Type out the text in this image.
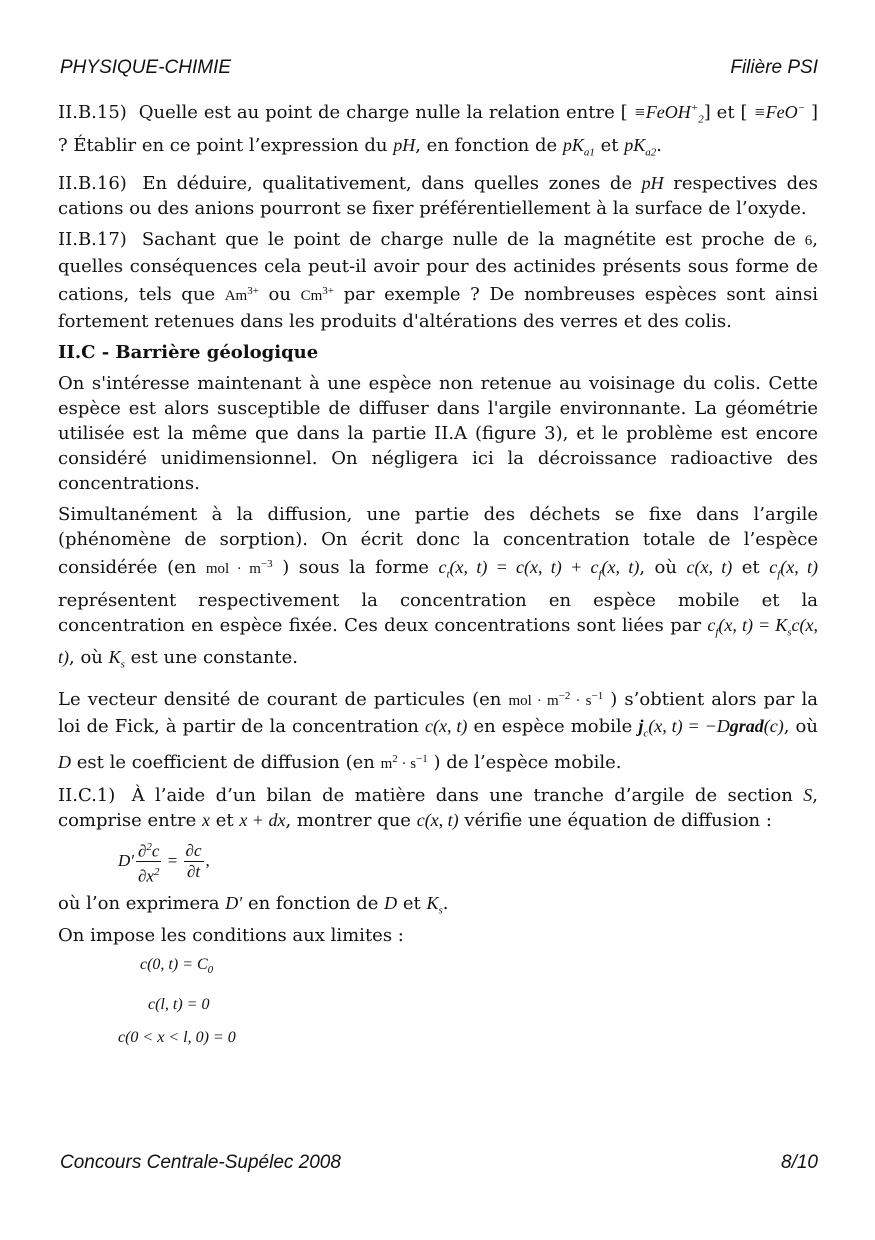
PHYSIQUE-CHIMIE	Filière PSI

II.B.15) Quelle est au point de charge nulle la relation entre [ ≡FeOH+$_2$] et [ ≡FeO− ] ? Établir en ce point l’expression du pH, en fonction de $pK_{a1}$ et $pK_{a2}$.

II.B.16) En déduire, qualitativement, dans quelles zones de pH respectives des cations ou des anions pourront se fixer préférentiellement à la surface de l’oxyde.

II.B.17) Sachant que le point de charge nulle de la magnétite est proche de 6, quelles conséquences cela peut-il avoir pour des actinides présents sous forme de cations, tels que $Am^{3+}$ ou $Cm^{3+}$ par exemple ? De nombreuses espèces sont ainsi fortement retenues dans les produits d'altérations des verres et des colis.

II.C - Barrière géologique

On s'intéresse maintenant à une espèce non retenue au voisinage du colis. Cette espèce est alors susceptible de diffuser dans l'argile environnante. La géométrie utilisée est la même que dans la partie II.A (figure 3), et le problème est encore considéré unidimensionnel. On négligera ici la décroissance radioactive des concentrations.

Simultanément à la diffusion, une partie des déchets se fixe dans l’argile (phénomène de sorption). On écrit donc la concentration totale de l’espèce considérée (en mol · $m^{-3}$ ) sous la forme $c_t(x$, t) = c(x, $t) + c_f(x$, t), où c(x, t) et $c_f(x$, t) représentent respectivement la concentration en espèce mobile et la concentration en espèce fixée. Ces deux concentrations sont liées par $c_f(x$, $t) = K_sc(x$, t), où $K_s$ est une constante.

Le vecteur densité de courant de particules (en mol · $m^{-2} \cdot s^{-1}$ ) s’obtient alors par la loi de Fick, à partir de la concentration c(x, t) en espèce mobile $j_c(x$, t) = −Dgrad(c), où D est le coefficient de diffusion (en $m^2 \cdot s^{-1}$ ) de l’espèce mobile.

II.C.1) À l’aide d’un bilan de matière dans une tranche d’argile de section S, comprise entre x et x + dx, montrer que c(x, t) vérifie une équation de diffusion :

$D' \frac{\partial^2c}{\partial x^2} = \frac{\partial c}{\partial t}$ ,
où l’on exprimera D′ en fonction de D et $K_s$.
On impose les conditions aux limites :
c(0, $t) = C_0$
c(l, t) = 0
c(0 < x < l, 0) = 0
Concours Centrale-Supélec 2008	8/10
